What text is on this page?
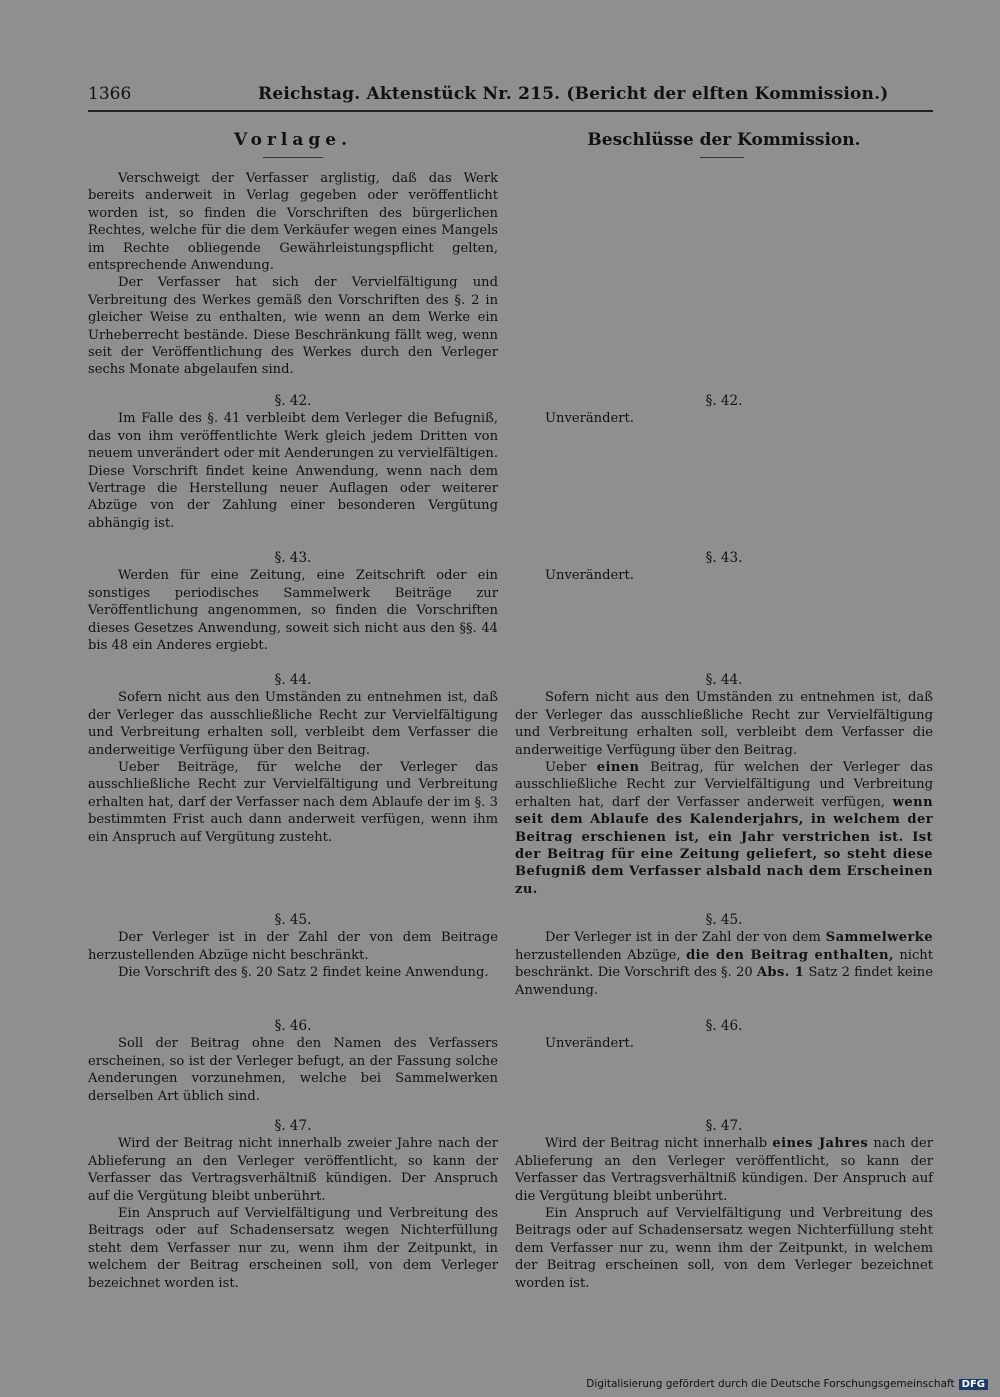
1366	Reichstag. Aktenstück Nr. 215. (Bericht der elften Kommission.)
Vorlage.	Beschlüsse der Kommission.

Verschweigt der Verfasser arglistig, daß das Werk bereits anderweit in Verlag gegeben oder veröffentlicht worden ist, so finden die Vorschriften des bürgerlichen Rechtes, welche für die dem Verkäufer wegen eines Mangels im Rechte obliegende Gewährleistungspflicht gelten, entsprechende Anwendung.

Der Verfasser hat sich der Vervielfältigung und Verbreitung des Werkes gemäß den Vorschriften des §. 2 in gleicher Weise zu enthalten, wie wenn an dem Werke ein Urheberrecht bestände. Diese Beschränkung fällt weg, wenn seit der Veröffentlichung des Werkes durch den Verleger sechs Monate abgelaufen sind.

§. 42.

Im Falle des §. 41 verbleibt dem Verleger die Befugniß, das von ihm veröffentlichte Werk gleich jedem Dritten von neuem unverändert oder mit Aenderungen zu vervielfältigen. Diese Vorschrift findet keine Anwendung, wenn nach dem Vertrage die Herstellung neuer Auflagen oder weiterer Abzüge von der Zahlung einer besonderen Vergütung abhängig ist.

§. 43.

Werden für eine Zeitung, eine Zeitschrift oder ein sonstiges periodisches Sammelwerk Beiträge zur Veröffentlichung angenommen, so finden die Vorschriften dieses Gesetzes Anwendung, soweit sich nicht aus den §§. 44 bis 48 ein Anderes ergiebt.

§. 44.

Sofern nicht aus den Umständen zu entnehmen ist, daß der Verleger das ausschließliche Recht zur Vervielfältigung und Verbreitung erhalten soll, verbleibt dem Verfasser die anderweitige Verfügung über den Beitrag.

Ueber Beiträge, für welche der Verleger das ausschließliche Recht zur Vervielfältigung und Verbreitung erhalten hat, darf der Verfasser nach dem Ablaufe der im §. 3 bestimmten Frist auch dann anderweit verfügen, wenn ihm ein Anspruch auf Vergütung zusteht.

§. 45.

Der Verleger ist in der Zahl der von dem Beitrage herzustellenden Abzüge nicht beschränkt.

Die Vorschrift des §. 20 Satz 2 findet keine Anwendung.

§. 46.

Soll der Beitrag ohne den Namen des Verfassers erscheinen, so ist der Verleger befugt, an der Fassung solche Aenderungen vorzunehmen, welche bei Sammelwerken derselben Art üblich sind.

§. 47.

Wird der Beitrag nicht innerhalb zweier Jahre nach der Ablieferung an den Verleger veröffentlicht, so kann der Verfasser das Vertragsverhältniß kündigen. Der Anspruch auf die Vergütung bleibt unberührt.

Ein Anspruch auf Vervielfältigung und Verbreitung des Beitrags oder auf Schadensersatz wegen Nichterfüllung steht dem Verfasser nur zu, wenn ihm der Zeitpunkt, in welchem der Beitrag erscheinen soll, von dem Verleger bezeichnet worden ist.

§. 42.

Unverändert.

§. 43.

Unverändert.

§. 44.

Sofern nicht aus den Umständen zu entnehmen ist, daß der Verleger das ausschließliche Recht zur Vervielfältigung und Verbreitung erhalten soll, verbleibt dem Verfasser die anderweitige Verfügung über den Beitrag.

Ueber einen Beitrag, für welchen der Verleger das ausschließliche Recht zur Vervielfältigung und Verbreitung erhalten hat, darf der Verfasser anderweit verfügen, wenn seit dem Ablaufe des Kalenderjahrs, in welchem der Beitrag erschienen ist, ein Jahr verstrichen ist. Ist der Beitrag für eine Zeitung geliefert, so steht diese Befugniß dem Verfasser alsbald nach dem Erscheinen zu.

§. 45.

Der Verleger ist in der Zahl der von dem Sammelwerke herzustellenden Abzüge, die den Beitrag enthalten, nicht beschränkt. Die Vorschrift des §. 20 Abs. 1 Satz 2 findet keine Anwendung.

§. 46.

Unverändert.

§. 47.

Wird der Beitrag nicht innerhalb eines Jahres nach der Ablieferung an den Verleger veröffentlicht, so kann der Verfasser das Vertragsverhältniß kündigen. Der Anspruch auf die Vergütung bleibt unberührt.

Ein Anspruch auf Vervielfältigung und Verbreitung des Beitrags oder auf Schadensersatz wegen Nichterfüllung steht dem Verfasser nur zu, wenn ihm der Zeitpunkt, in welchem der Beitrag erscheinen soll, von dem Verleger bezeichnet worden ist.

Digitalisierung gefördert durch die Deutsche Forschungsgemeinschaft DFG
